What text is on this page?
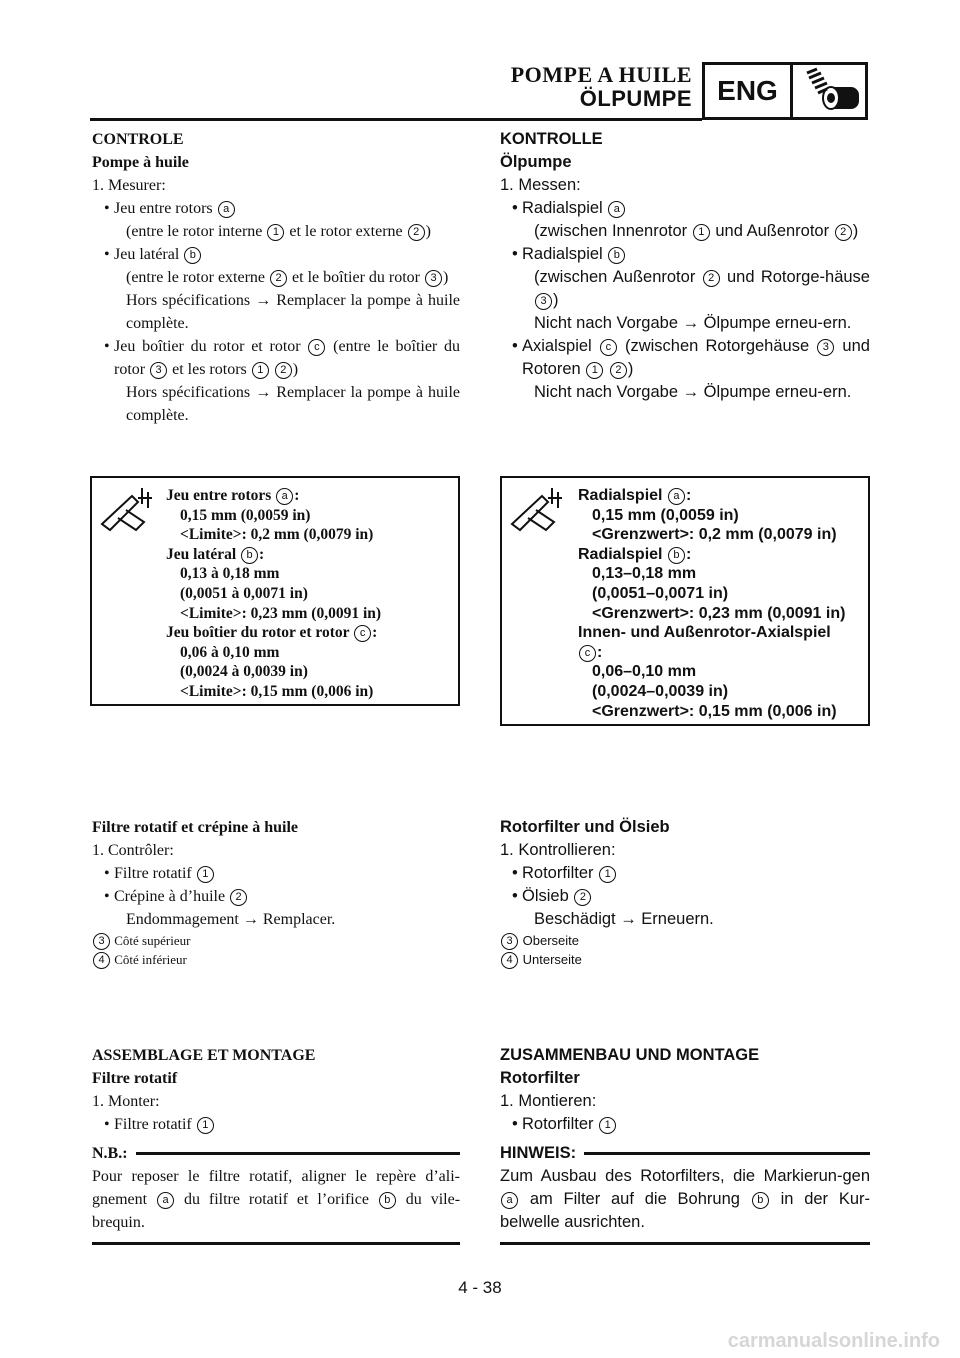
POMPE A HUILE
ÖLPUMPE ENG
CONTROLE
Pompe à huile
1. Mesurer:
• Jeu entre rotors a
(entre le rotor interne 1 et le rotor externe 2 )
• Jeu latéral b
(entre le rotor externe 2 et le boîtier du rotor 3 )
Hors spécifications → Remplacer la pompe à huile complète.
• Jeu boîtier du rotor et rotor c (entre le boîtier du rotor 3 et les rotors 1 2 )
Hors spécifications → Remplacer la pompe à huile complète.
Jeu entre rotors a :
0,15 mm (0,0059 in)
<Limite>: 0,2 mm (0,0079 in)
Jeu latéral b :
0,13 à 0,18 mm
(0,0051 à 0,0071 in)
<Limite>: 0,23 mm (0,0091 in)
Jeu boîtier du rotor et rotor c :
0,06 à 0,10 mm
(0,0024 à 0,0039 in)
<Limite>: 0,15 mm (0,006 in)
KONTROLLE
Ölpumpe
1. Messen:
• Radialspiel a
(zwischen Innenrotor 1 und Außenrotor 2 )
• Radialspiel b
(zwischen Außenrotor 2 und Rotorge-häuse 3 )
Nicht nach Vorgabe → Ölpumpe erneu-ern.
• Axialspiel c (zwischen Rotorgehäuse 3 und Rotoren 1 2 )
Nicht nach Vorgabe → Ölpumpe erneu-ern.
Radialspiel a :
0,15 mm (0,0059 in)
<Grenzwert>: 0,2 mm (0,0079 in)
Radialspiel b :
0,13–0,18 mm
(0,0051–0,0071 in)
<Grenzwert>: 0,23 mm (0,0091 in)
Innen- und Außenrotor-Axialspiel
c :
0,06–0,10 mm
(0,0024–0,0039 in)
<Grenzwert>: 0,15 mm (0,006 in)
Filtre rotatif et crépine à huile
1. Contrôler:
• Filtre rotatif 1
• Crépine à d’huile 2
Endommagement → Remplacer.
3 Côté supérieur
4 Côté inférieur
Rotorfilter und Ölsieb
1. Kontrollieren:
• Rotorfilter 1
• Ölsieb 2
Beschädigt → Erneuern.
3 Oberseite
4 Unterseite
ASSEMBLAGE ET MONTAGE
Filtre rotatif
1. Monter:
• Filtre rotatif 1
N.B.:
Pour reposer le filtre rotatif, aligner le repère d’ali-gnement a du filtre rotatif et l’orifice b du vile-brequin.
ZUSAMMENBAU UND MONTAGE
Rotorfilter
1. Montieren:
• Rotorfilter 1
HINWEIS:
Zum Ausbau des Rotorfilters, die Markierun-gen a am Filter auf die Bohrung b in der Kur-belwelle ausrichten.
4 - 38
carmanualsonline.info
